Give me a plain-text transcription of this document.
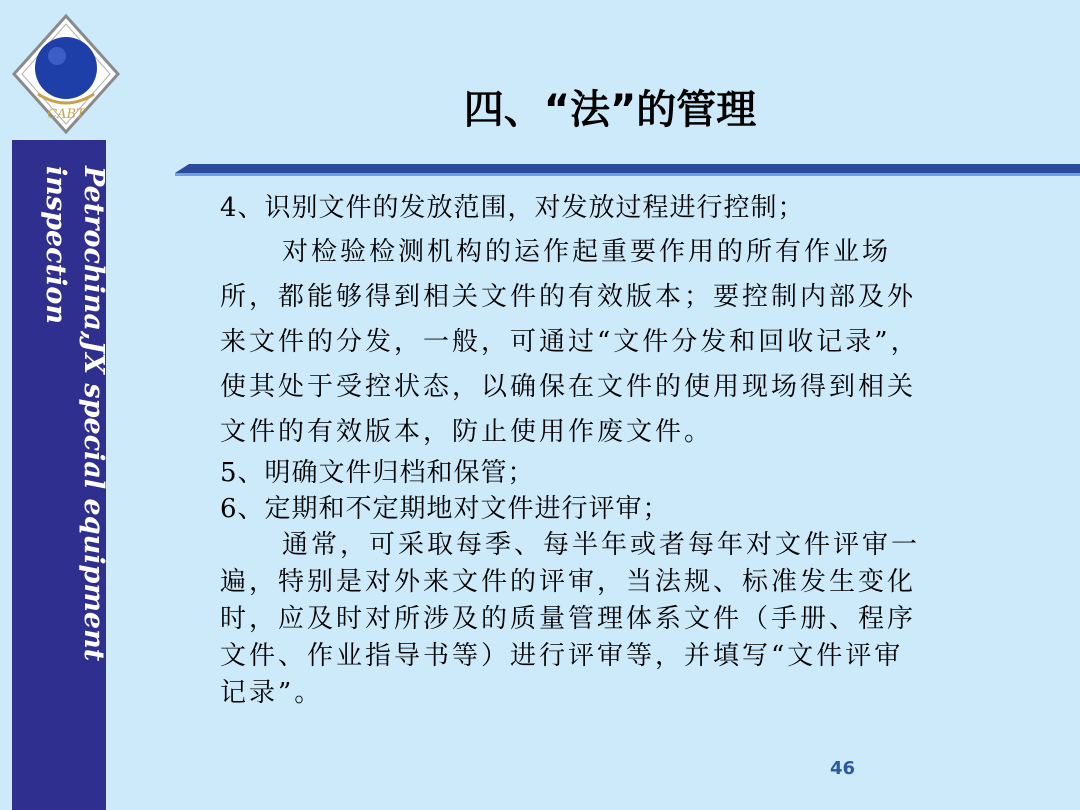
CABT
Petrochina,JX special equipment inspection
四、“法”的管理

4、识别文件的发放范围，对发放过程进行控制；

对检验检测机构的运作起重要作用的所有作业场所，都能够得到相关文件的有效版本；要控制内部及外来文件的分发，一般，可通过“文件分发和回收记录”，使其处于受控状态，以确保在文件的使用现场得到相关文件的有效版本，防止使用作废文件。

5、明确文件归档和保管；

6、定期和不定期地对文件进行评审；

通常，可采取每季、每半年或者每年对文件评审一遍，特别是对外来文件的评审，当法规、标准发生变化时，应及时对所涉及的质量管理体系文件（手册、程序文件、作业指导书等）进行评审等，并填写“文件评审记录”。

46
